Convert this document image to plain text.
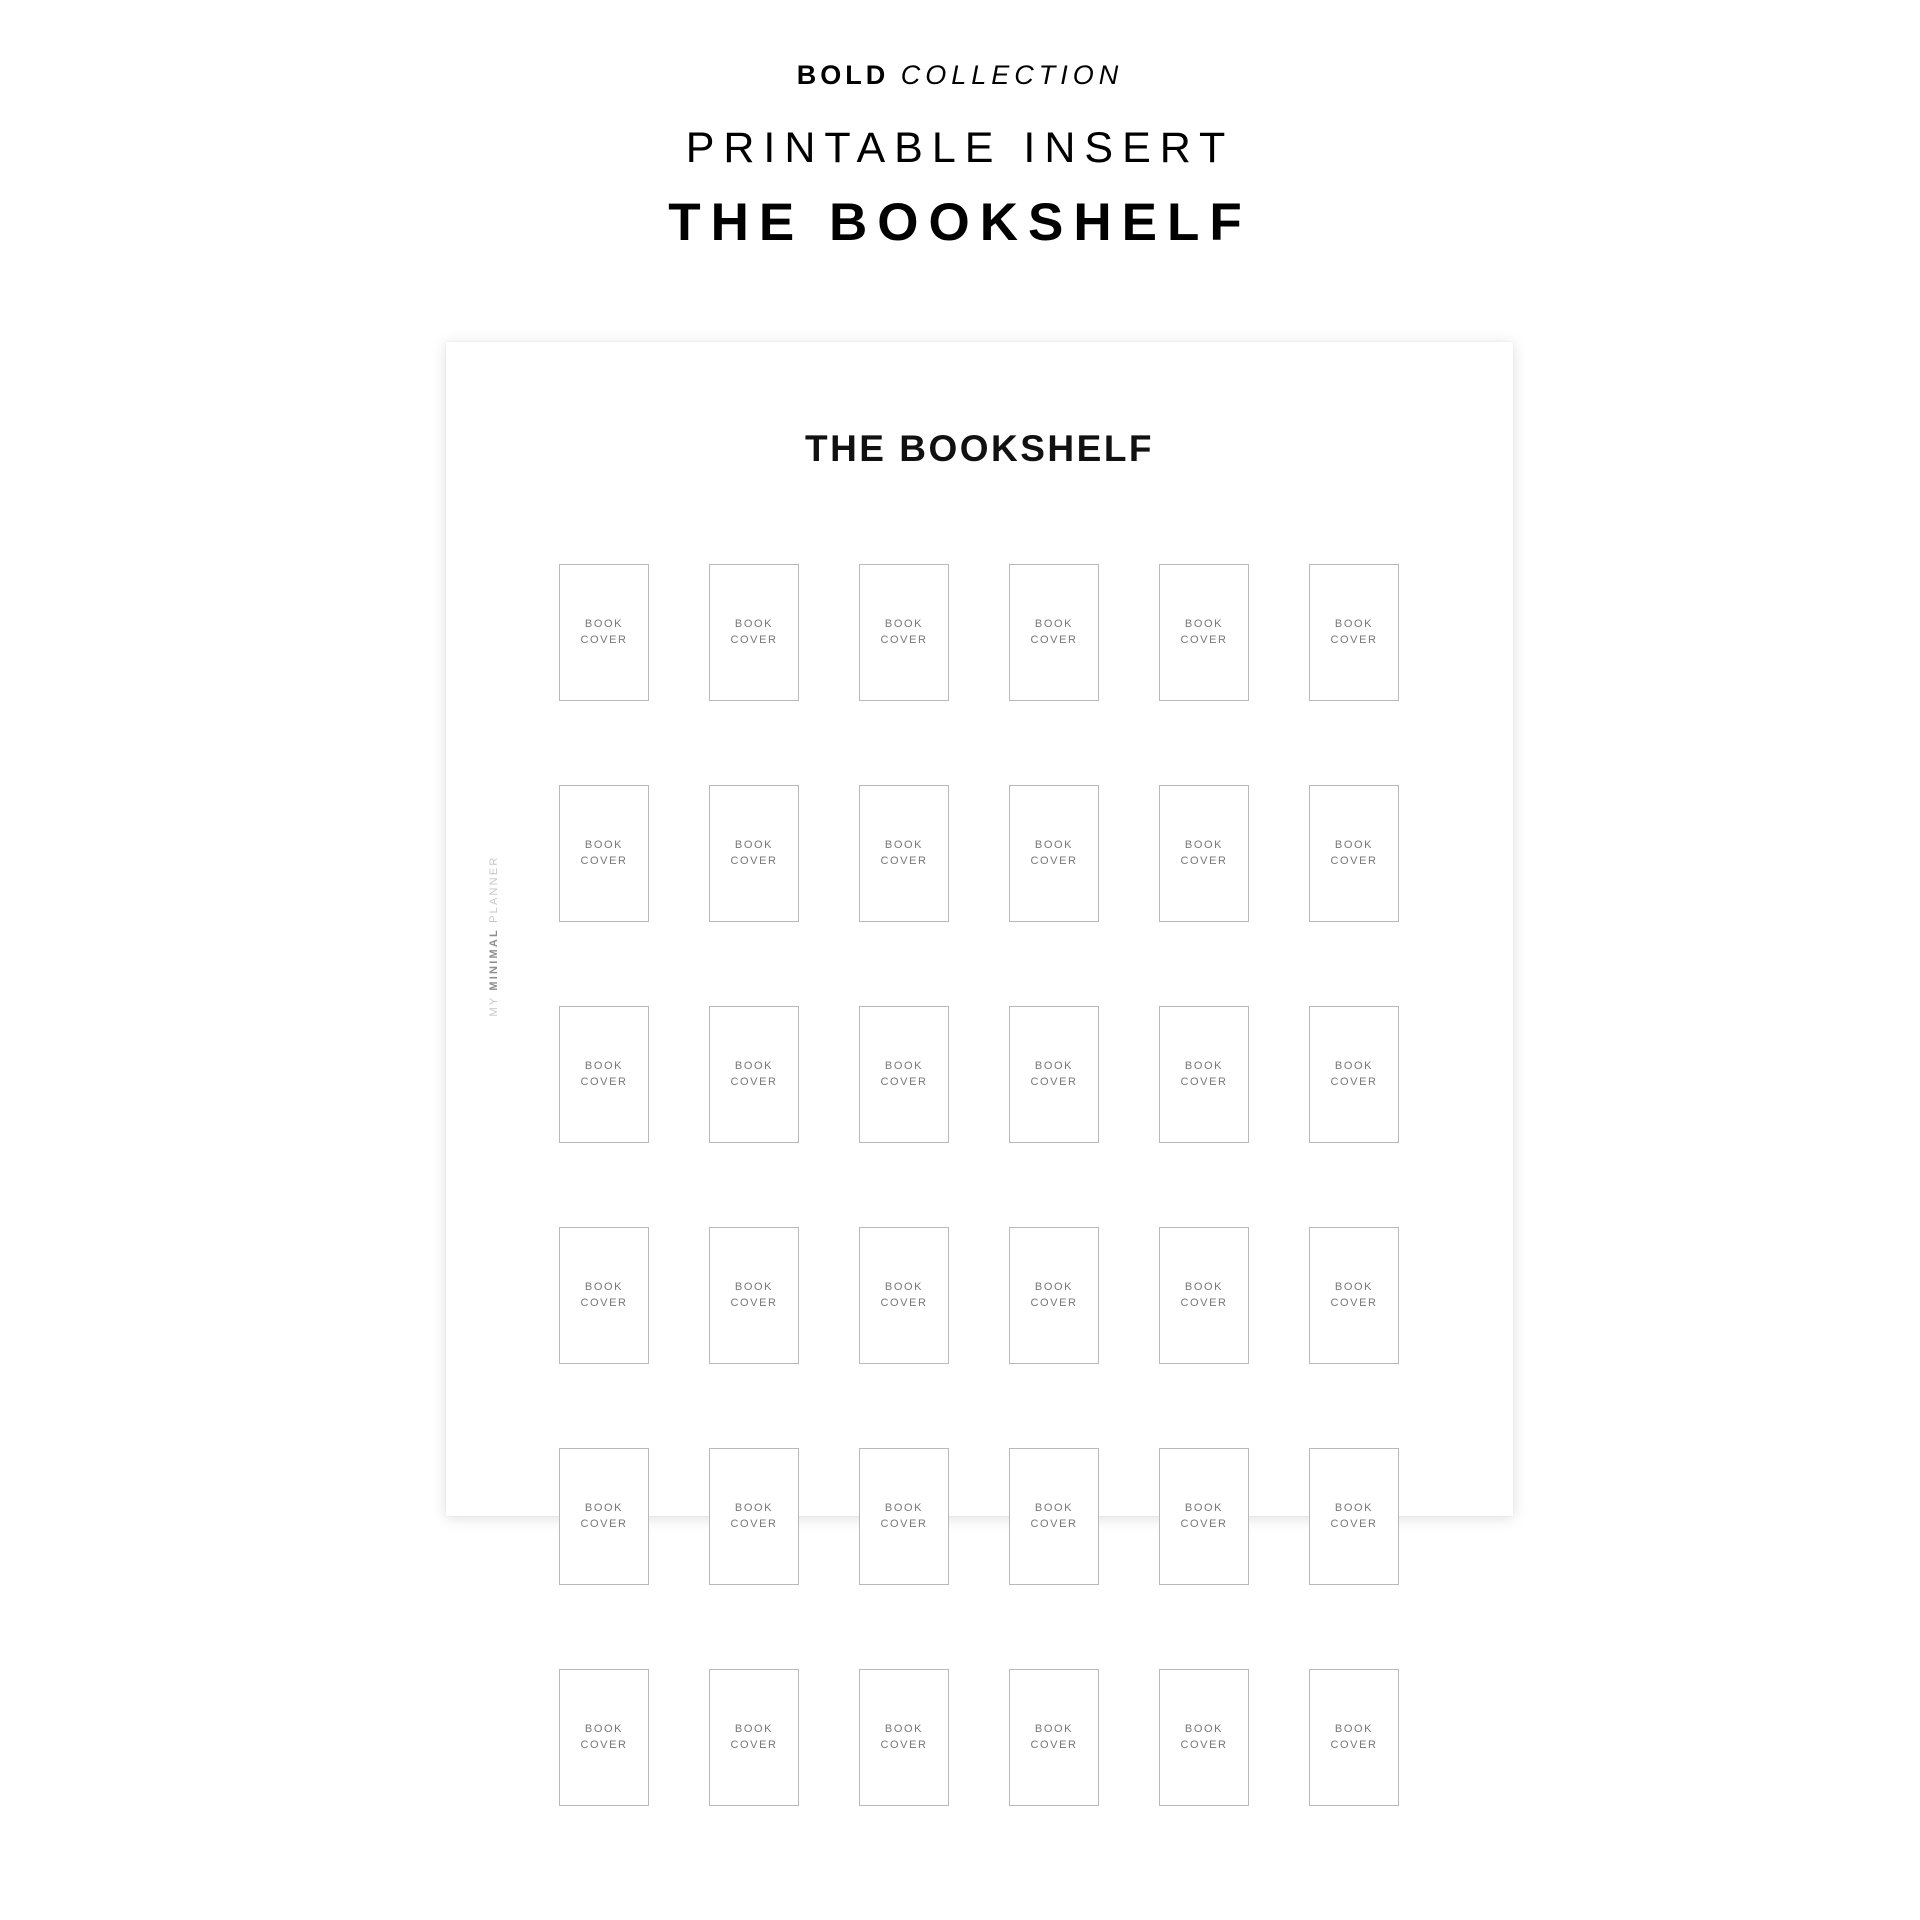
BOLD COLLECTION
PRINTABLE INSERT
THE BOOKSHELF
THE BOOKSHELF
MY MINIMAL PLANNER
BOOK
COVER
BOOK
COVER
BOOK
COVER
BOOK
COVER
BOOK
COVER
BOOK
COVER
BOOK
COVER
BOOK
COVER
BOOK
COVER
BOOK
COVER
BOOK
COVER
BOOK
COVER
BOOK
COVER
BOOK
COVER
BOOK
COVER
BOOK
COVER
BOOK
COVER
BOOK
COVER
BOOK
COVER
BOOK
COVER
BOOK
COVER
BOOK
COVER
BOOK
COVER
BOOK
COVER
BOOK
COVER
BOOK
COVER
BOOK
COVER
BOOK
COVER
BOOK
COVER
BOOK
COVER
BOOK
COVER
BOOK
COVER
BOOK
COVER
BOOK
COVER
BOOK
COVER
BOOK
COVER
